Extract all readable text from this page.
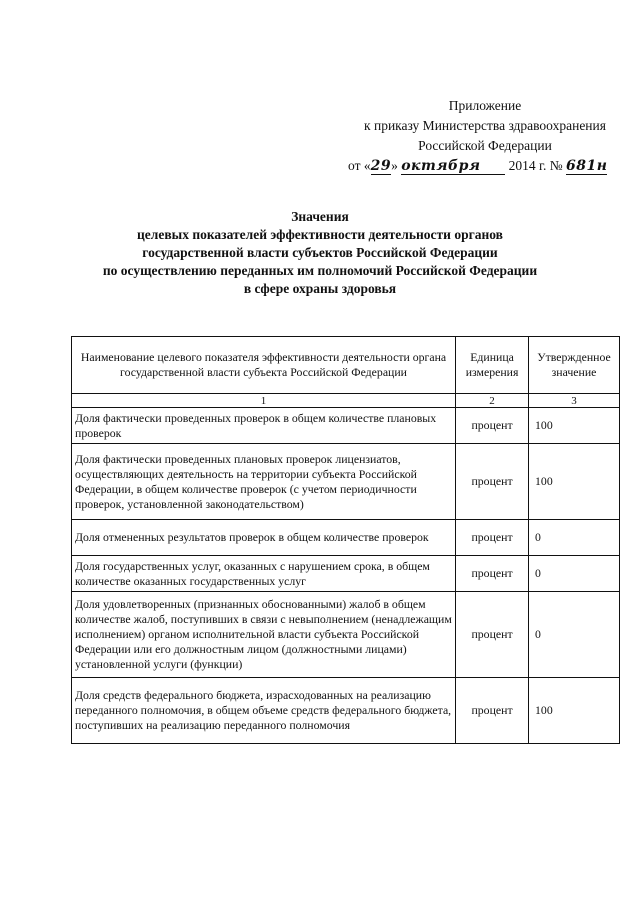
Приложение
к приказу Министерства здравоохранения
Российской Федерации
от «29» октября 2014 г. № 681н
Значения
целевых показателей эффективности деятельности органов
государственной власти субъектов Российской Федерации
по осуществлению переданных им полномочий Российской Федерации
в сфере охраны здоровья
Наименование целевого показателя эффективности деятельности органа государственной власти субъекта Российской Федерации	Единица измерения	Утвержденное значение
1	2	3
Доля фактически проведенных проверок в общем количестве плановых проверок	процент	100
Доля фактически проведенных плановых проверок лицензиатов, осуществляющих деятельность на территории субъекта Российской Федерации, в общем количестве проверок (с учетом периодичности проверок, установленной законодательством)	процент	100
Доля отмененных результатов проверок в общем количестве проверок	процент	0
Доля государственных услуг, оказанных с нарушением срока, в общем количестве оказанных государственных услуг	процент	0
Доля удовлетворенных (признанных обоснованными) жалоб в общем количестве жалоб, поступивших в связи с невыполнением (ненадлежащим исполнением) органом исполнительной власти субъекта Российской Федерации или его должностным лицом (должностными лицами) установленной услуги (функции)	процент	0
Доля средств федерального бюджета, израсходованных на реализацию переданного полномочия, в общем объеме средств федерального бюджета, поступивших на реализацию переданного полномочия	процент	100
